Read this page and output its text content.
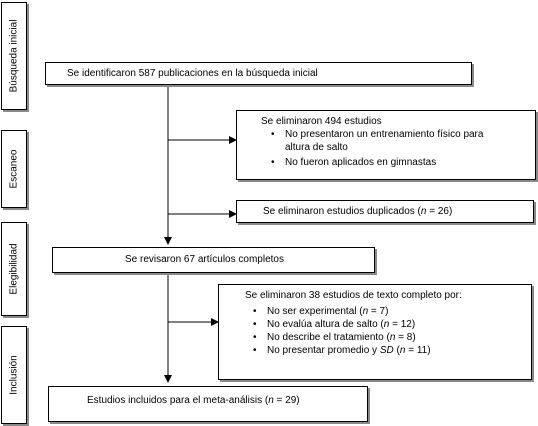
Búsqueda inicial
Escaneo
Elegibilidad
Inclusión
Se identificaron 587 publicaciones en la búsqueda inicial
Se eliminaron 494 estudios
• No presentaron un entrenamiento físico para
altura de salto
• No fueron aplicados en gimnastas
Se eliminaron estudios duplicados (n = 26)
Se revisaron 67 artículos completos
Se eliminaron 38 estudios de texto completo por:
• No ser experimental (n = 7)
• No evalúa altura de salto (n = 12)
• No describe el tratamiento (n = 8)
• No presentar promedio y SD (n = 11)
Estudios incluidos para el meta-análisis (n = 29)
